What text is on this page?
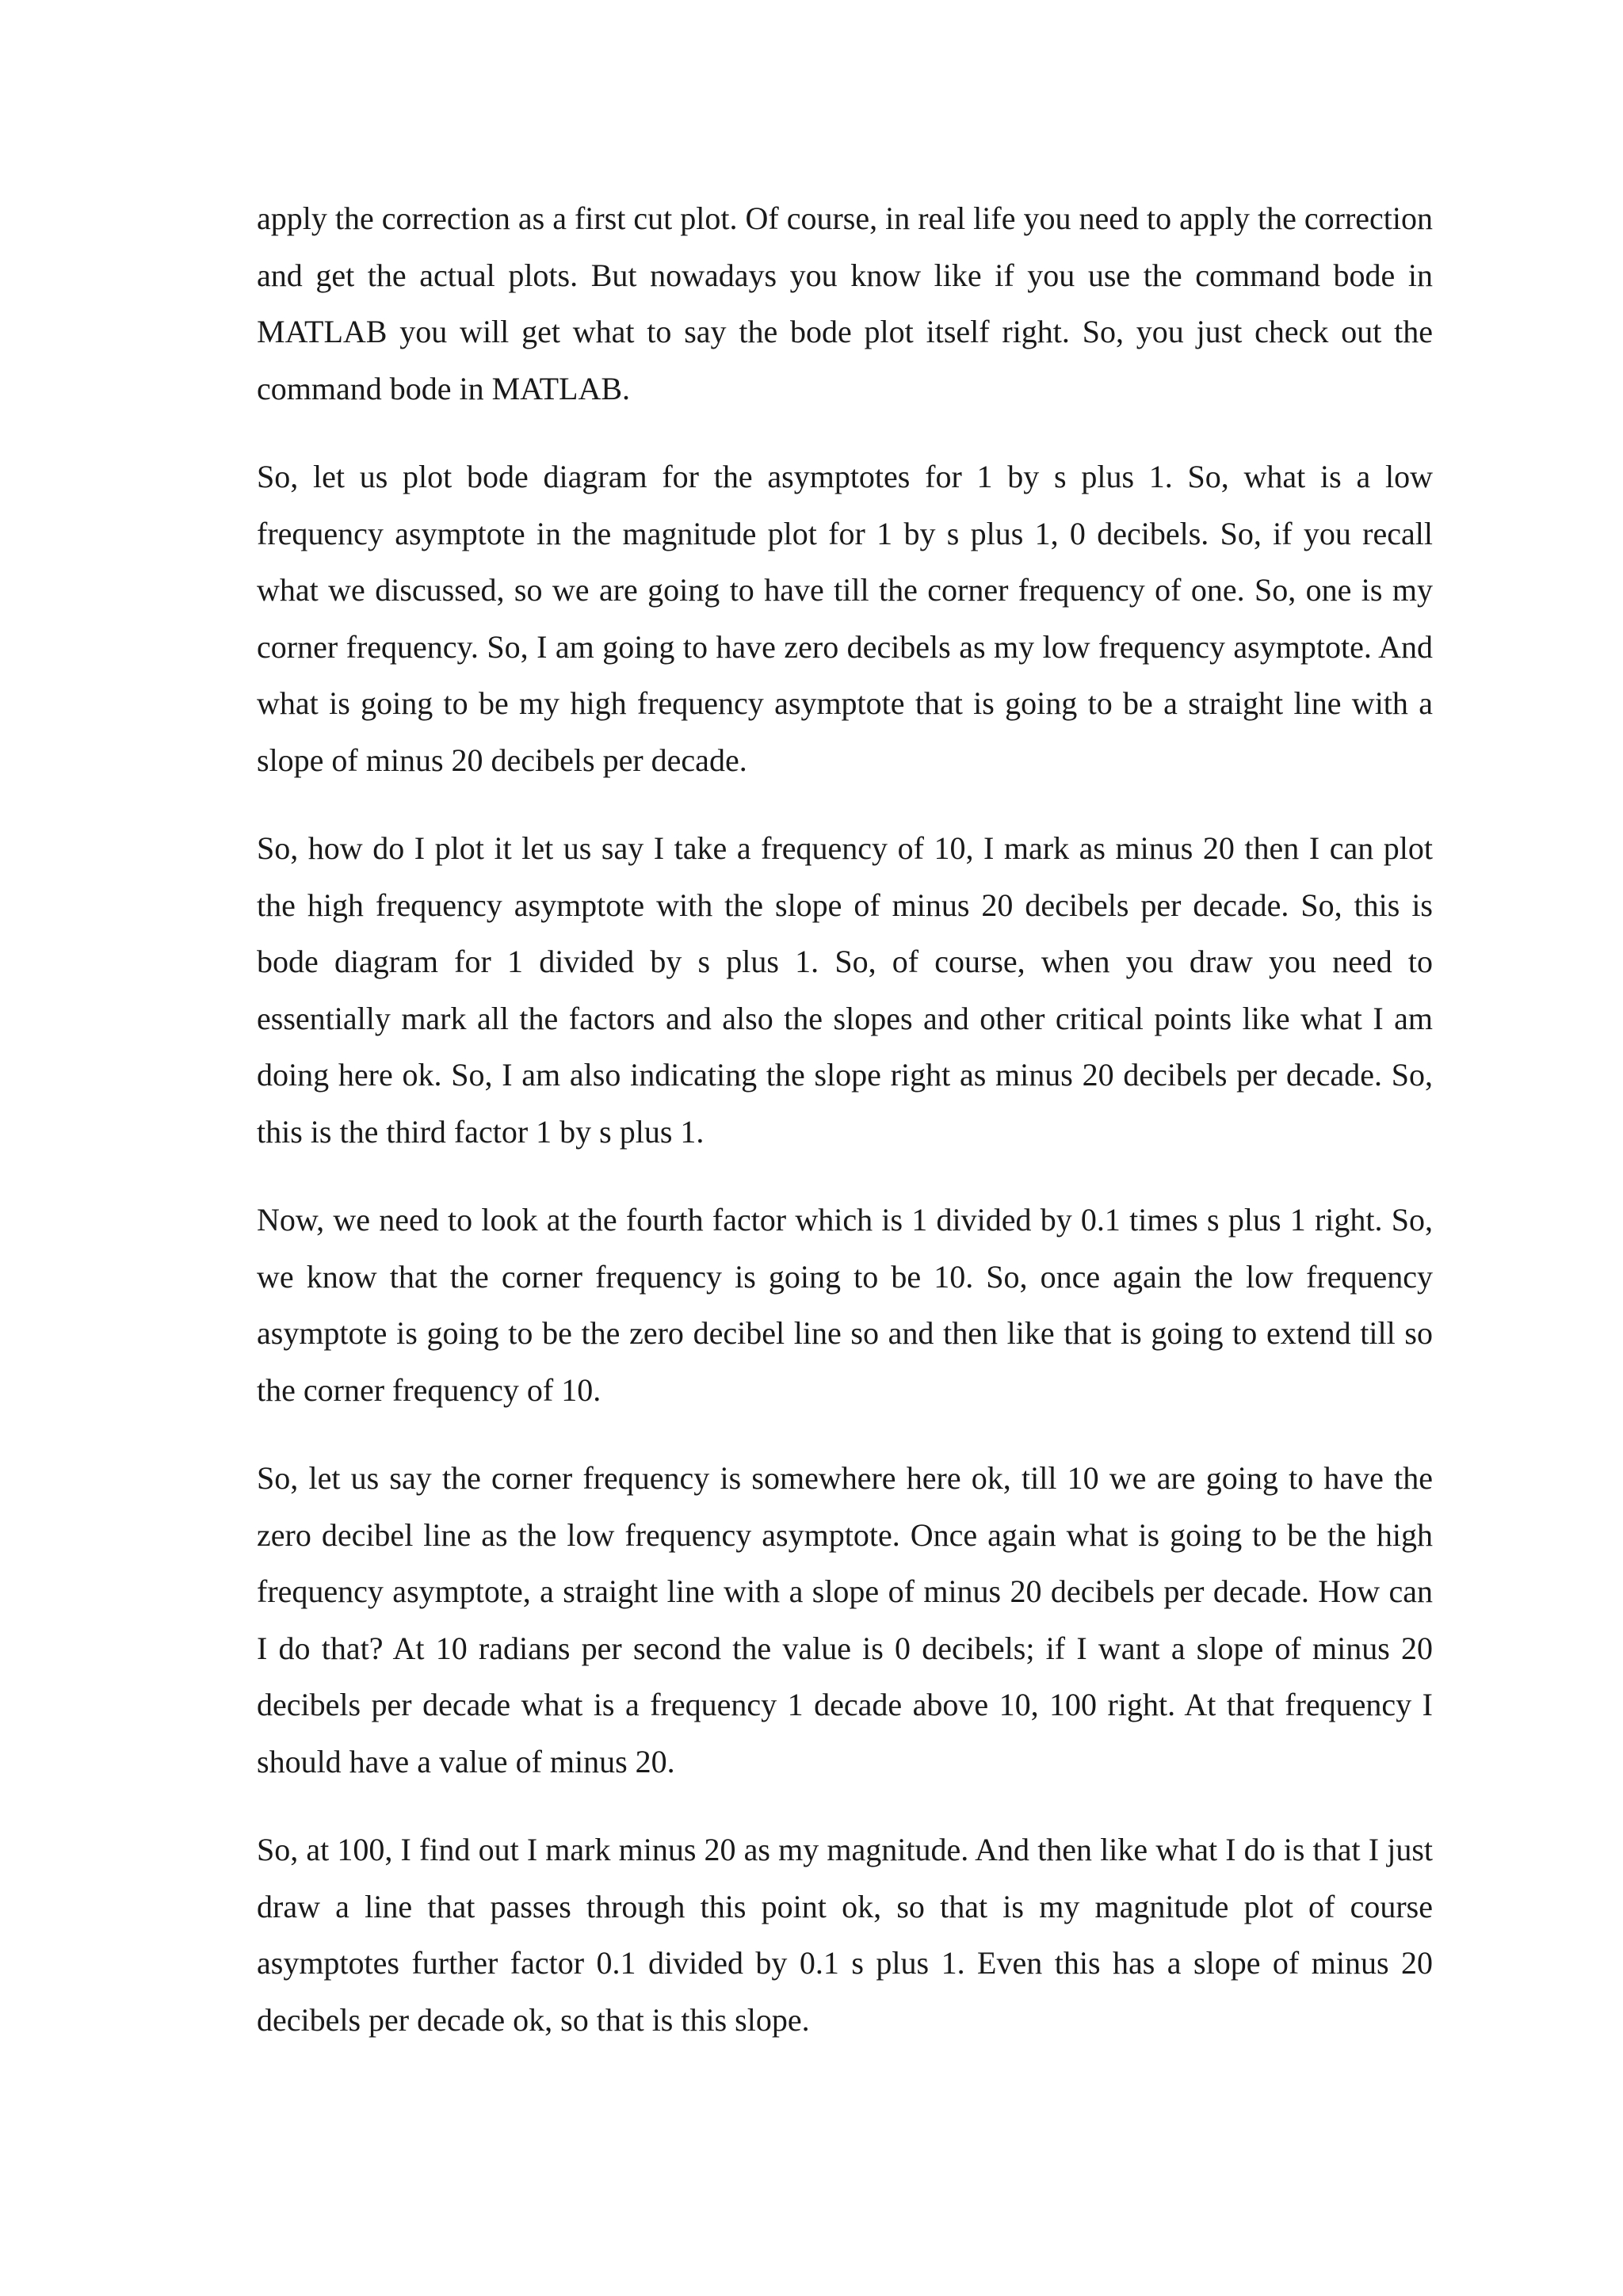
apply the correction as a first cut plot. Of course, in real life you need to apply the correction and get the actual plots. But nowadays you know like if you use the command bode in MATLAB you will get what to say the bode plot itself right. So, you just check out the command bode in MATLAB.

So, let us plot bode diagram for the asymptotes for 1 by s plus 1. So, what is a low frequency asymptote in the magnitude plot for 1 by s plus 1, 0 decibels. So, if you recall what we discussed, so we are going to have till the corner frequency of one. So, one is my corner frequency. So, I am going to have zero decibels as my low frequency asymptote. And what is going to be my high frequency asymptote that is going to be a straight line with a slope of minus 20 decibels per decade.

So, how do I plot it let us say I take a frequency of 10, I mark as minus 20 then I can plot the high frequency asymptote with the slope of minus 20 decibels per decade. So, this is bode diagram for 1 divided by s plus 1. So, of course, when you draw you need to essentially mark all the factors and also the slopes and other critical points like what I am doing here ok. So, I am also indicating the slope right as minus 20 decibels per decade. So, this is the third factor 1 by s plus 1.

Now, we need to look at the fourth factor which is 1 divided by 0.1 times s plus 1 right. So, we know that the corner frequency is going to be 10. So, once again the low frequency asymptote is going to be the zero decibel line so and then like that is going to extend till so the corner frequency of 10.

So, let us say the corner frequency is somewhere here ok, till 10 we are going to have the zero decibel line as the low frequency asymptote. Once again what is going to be the high frequency asymptote, a straight line with a slope of minus 20 decibels per decade. How can I do that? At 10 radians per second the value is 0 decibels; if I want a slope of minus 20 decibels per decade what is a frequency 1 decade above 10, 100 right. At that frequency I should have a value of minus 20.

So, at 100, I find out I mark minus 20 as my magnitude. And then like what I do is that I just draw a line that passes through this point ok, so that is my magnitude plot of course asymptotes further factor 0.1 divided by 0.1 s plus 1. Even this has a slope of minus 20 decibels per decade ok, so that is this slope.
